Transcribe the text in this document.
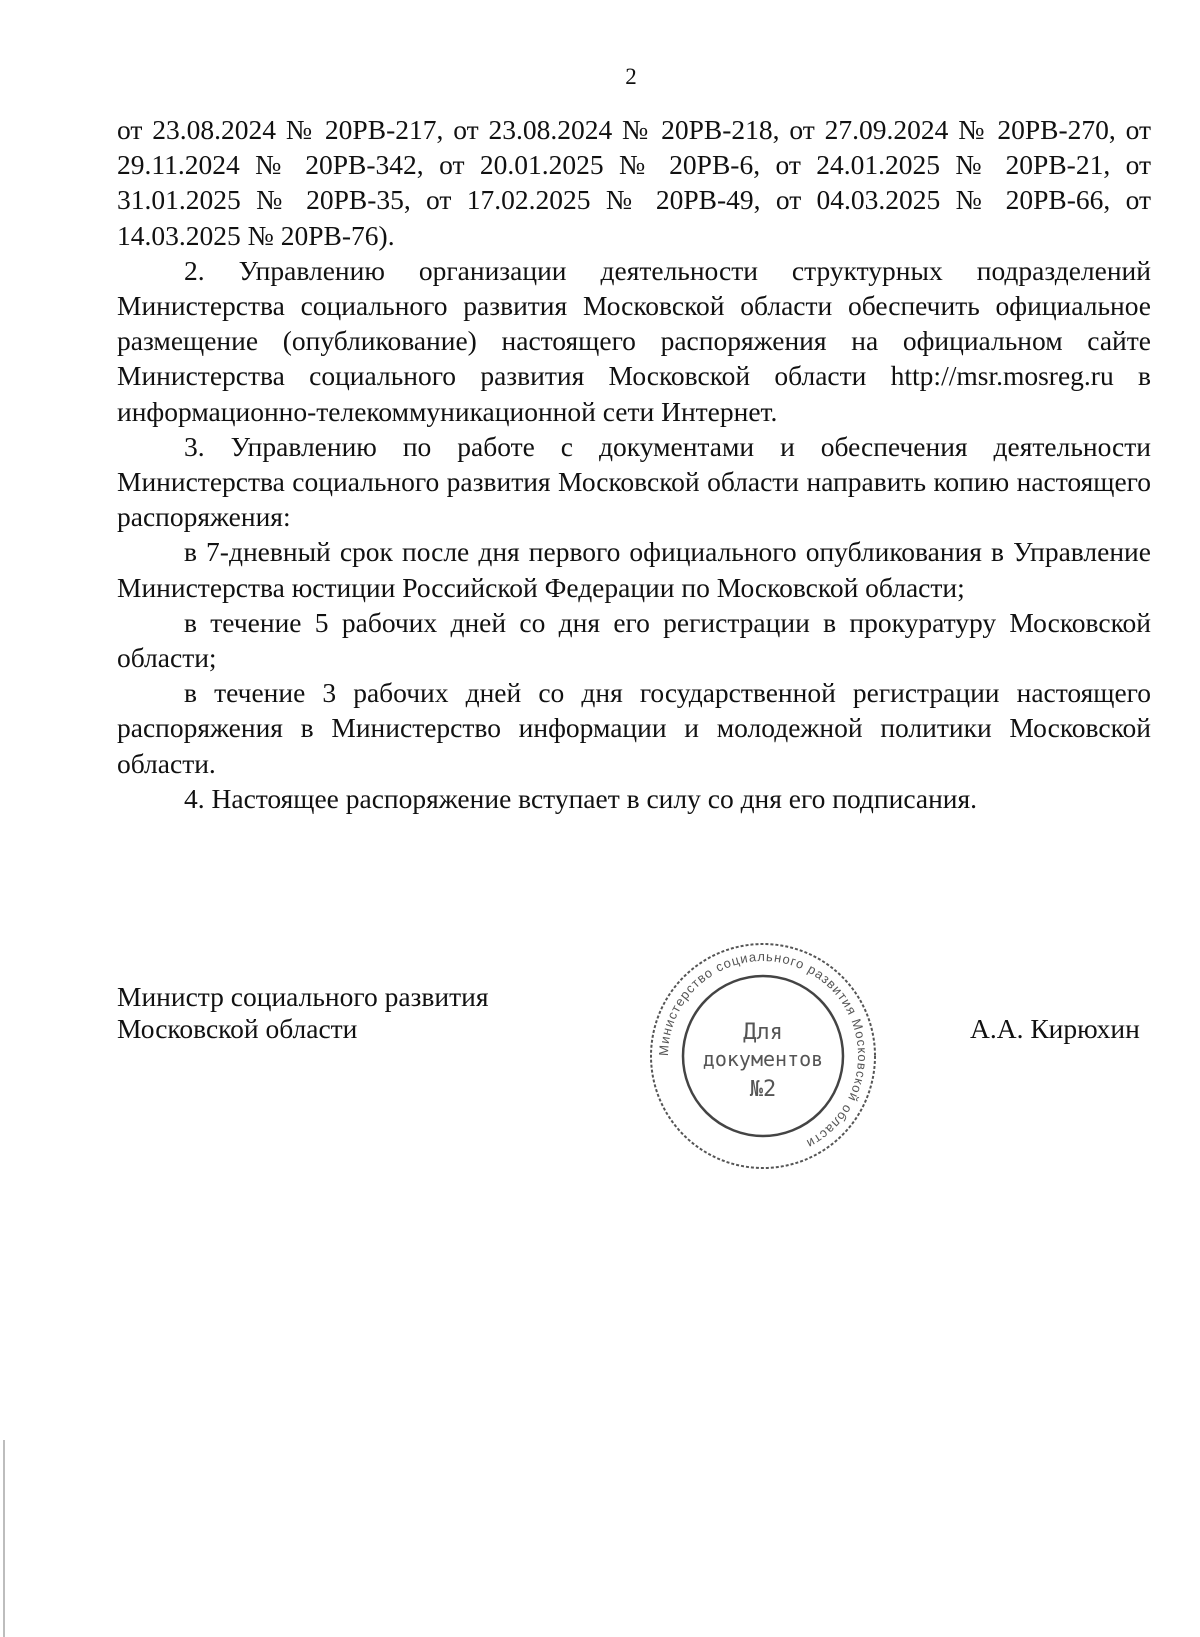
2

от 23.08.2024 № 20РВ-217, от 23.08.2024 № 20РВ-218, от 27.09.2024 № 20РВ-270, от 29.11.2024 № 20РВ-342, от 20.01.2025 № 20РВ-6, от 24.01.2025 № 20РВ-21, от 31.01.2025 № 20РВ-35, от 17.02.2025 № 20РВ-49, от 04.03.2025 № 20РВ-66, от 14.03.2025 № 20РВ-76).

2. Управлению организации деятельности структурных подразделений Министерства социального развития Московской области обеспечить официальное размещение (опубликование) настоящего распоряжения на официальном сайте Министерства социального развития Московской области http://msr.mosreg.ru в информационно-телекоммуникационной сети Интернет.

3. Управлению по работе с документами и обеспечения деятельности Министерства социального развития Московской области направить копию настоящего распоряжения:

в 7-дневный срок после дня первого официального опубликования в Управление Министерства юстиции Российской Федерации по Московской области;

в течение 5 рабочих дней со дня его регистрации в прокуратуру Московской области;

в течение 3 рабочих дней со дня государственной регистрации настоящего распоряжения в Министерство информации и молодежной политики Московской области.

4. Настоящее распоряжение вступает в силу со дня его подписания.

Министр социального развития
Московской области
Министерство социального развития Московской области
Для
документов
№2
А.А. Кирюхин
